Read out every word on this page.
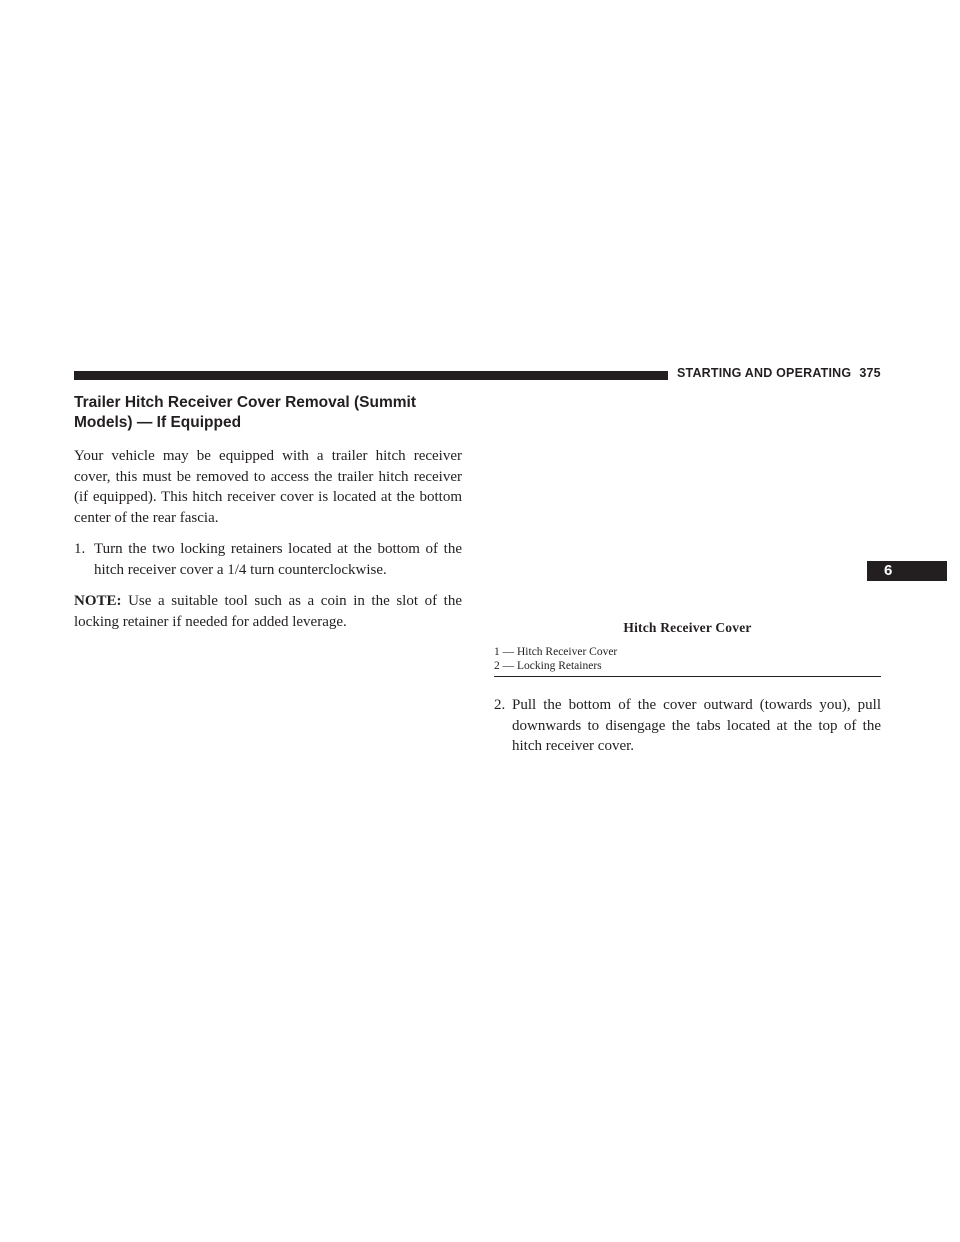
STARTING AND OPERATING 375
6
Trailer Hitch Receiver Cover Removal (Summit Models) — If Equipped

Your vehicle may be equipped with a trailer hitch receiver cover, this must be removed to access the trailer hitch receiver (if equipped). This hitch receiver cover is located at the bottom center of the rear fascia.

1. Turn the two locking retainers located at the bottom of the hitch receiver cover a 1/4 turn counterclockwise.

NOTE: Use a suitable tool such as a coin in the slot of the locking retainer if needed for added leverage.	Hitch Receiver Cover
1 — Hitch Receiver Cover
2 — Locking Retainers

2. Pull the bottom of the cover outward (towards you), pull downwards to disengage the tabs located at the top of the hitch receiver cover.
